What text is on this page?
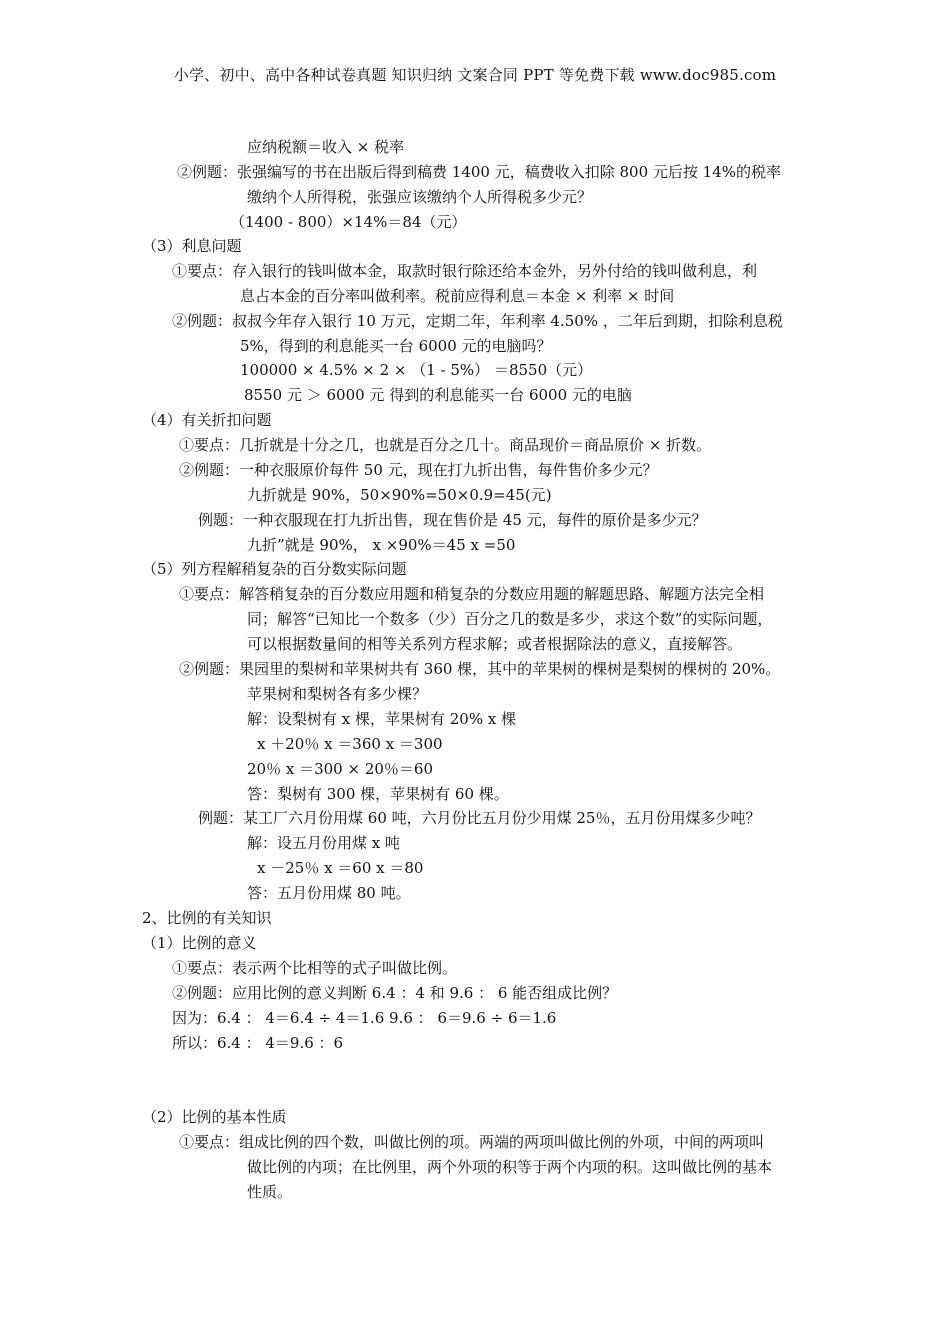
小学、初中、高中各种试卷真题 知识归纳 文案合同 PPT 等免费下载 www.doc985.com
应纳税额＝收入 × 税率
②例题：张强编写的书在出版后得到稿费 1400 元，稿费收入扣除 800 元后按 14%的税率
缴纳个人所得税，张强应该缴纳个人所得税多少元？
（1400 - 800）×14%＝84（元）
（3）利息问题
①要点：存入银行的钱叫做本金，取款时银行除还给本金外，另外付给的钱叫做利息，利
息占本金的百分率叫做利率。税前应得利息＝本金 × 利率 × 时间
②例题：叔叔今年存入银行 10 万元，定期二年，年利率 4.50% ，二年后到期，扣除利息税
5%，得到的利息能买一台 6000 元的电脑吗？
100000 × 4.5% × 2 × （1 - 5%） ＝8550（元）
8550 元 ＞ 6000 元 得到的利息能买一台 6000 元的电脑
（4）有关折扣问题
①要点：几折就是十分之几，也就是百分之几十。商品现价＝商品原价 × 折数。
②例题：一种衣服原价每件 50 元，现在打九折出售，每件售价多少元？
九折就是 90%，50×90%=50×0.9=45(元)
例题：一种衣服现在打九折出售，现在售价是 45 元，每件的原价是多少元？
九折”就是 90%， x ×90%＝45 x =50
（5）列方程解稍复杂的百分数实际问题
①要点：解答稍复杂的百分数应用题和稍复杂的分数应用题的解题思路、解题方法完全相
同；解答“已知比一个数多（少）百分之几的数是多少，求这个数”的实际问题，
可以根据数量间的相等关系列方程求解；或者根据除法的意义，直接解答。
②例题：果园里的梨树和苹果树共有 360 棵，其中的苹果树的棵树是梨树的棵树的 20%。
苹果树和梨树各有多少棵？
解：设梨树有 x 棵，苹果树有 20% x 棵
x ＋20％ x ＝360 x ＝300
20％ x ＝300 × 20％＝60
答：梨树有 300 棵，苹果树有 60 棵。
例题：某工厂六月份用煤 60 吨，六月份比五月份少用煤 25％，五月份用煤多少吨？
解：设五月份用煤 x 吨
x －25％ x ＝60 x ＝80
答：五月份用煤 80 吨。
2、比例的有关知识
（1）比例的意义
①要点：表示两个比相等的式子叫做比例。
②例题：应用比例的意义判断 6.4 ：4 和 9.6 ： 6 能否组成比例？
因为：6.4 ： 4＝6.4 ÷ 4＝1.6 9.6 ： 6＝9.6 ÷ 6＝1.6
所以：6.4 ： 4＝9.6 ：6
（2）比例的基本性质
①要点：组成比例的四个数，叫做比例的项。两端的两项叫做比例的外项，中间的两项叫
做比例的内项；在比例里，两个外项的积等于两个内项的积。这叫做比例的基本
性质。
